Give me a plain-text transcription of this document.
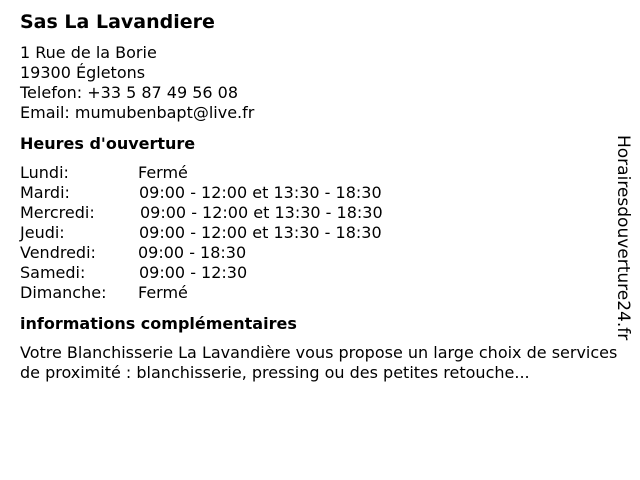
Sas La Lavandiere
1 Rue de la Borie
19300 Égletons
Telefon: +33 5 87 49 56 08
Email: mumubenbapt@live.fr
Heures d'ouverture
Lundi:	Fermé
Mardi:	09:00 - 12:00 et 13:30 - 18:30
Mercredi:	09:00 - 12:00 et 13:30 - 18:30
Jeudi:	09:00 - 12:00 et 13:30 - 18:30
Vendredi:	09:00 - 18:30
Samedi:	09:00 - 12:30
Dimanche: Fermé
informations complémentaires
Votre Blanchisserie La Lavandière vous propose un large choix de services de proximité : blanchisserie, pressing ou des petites retouche...
Horairesdouverture24.fr
